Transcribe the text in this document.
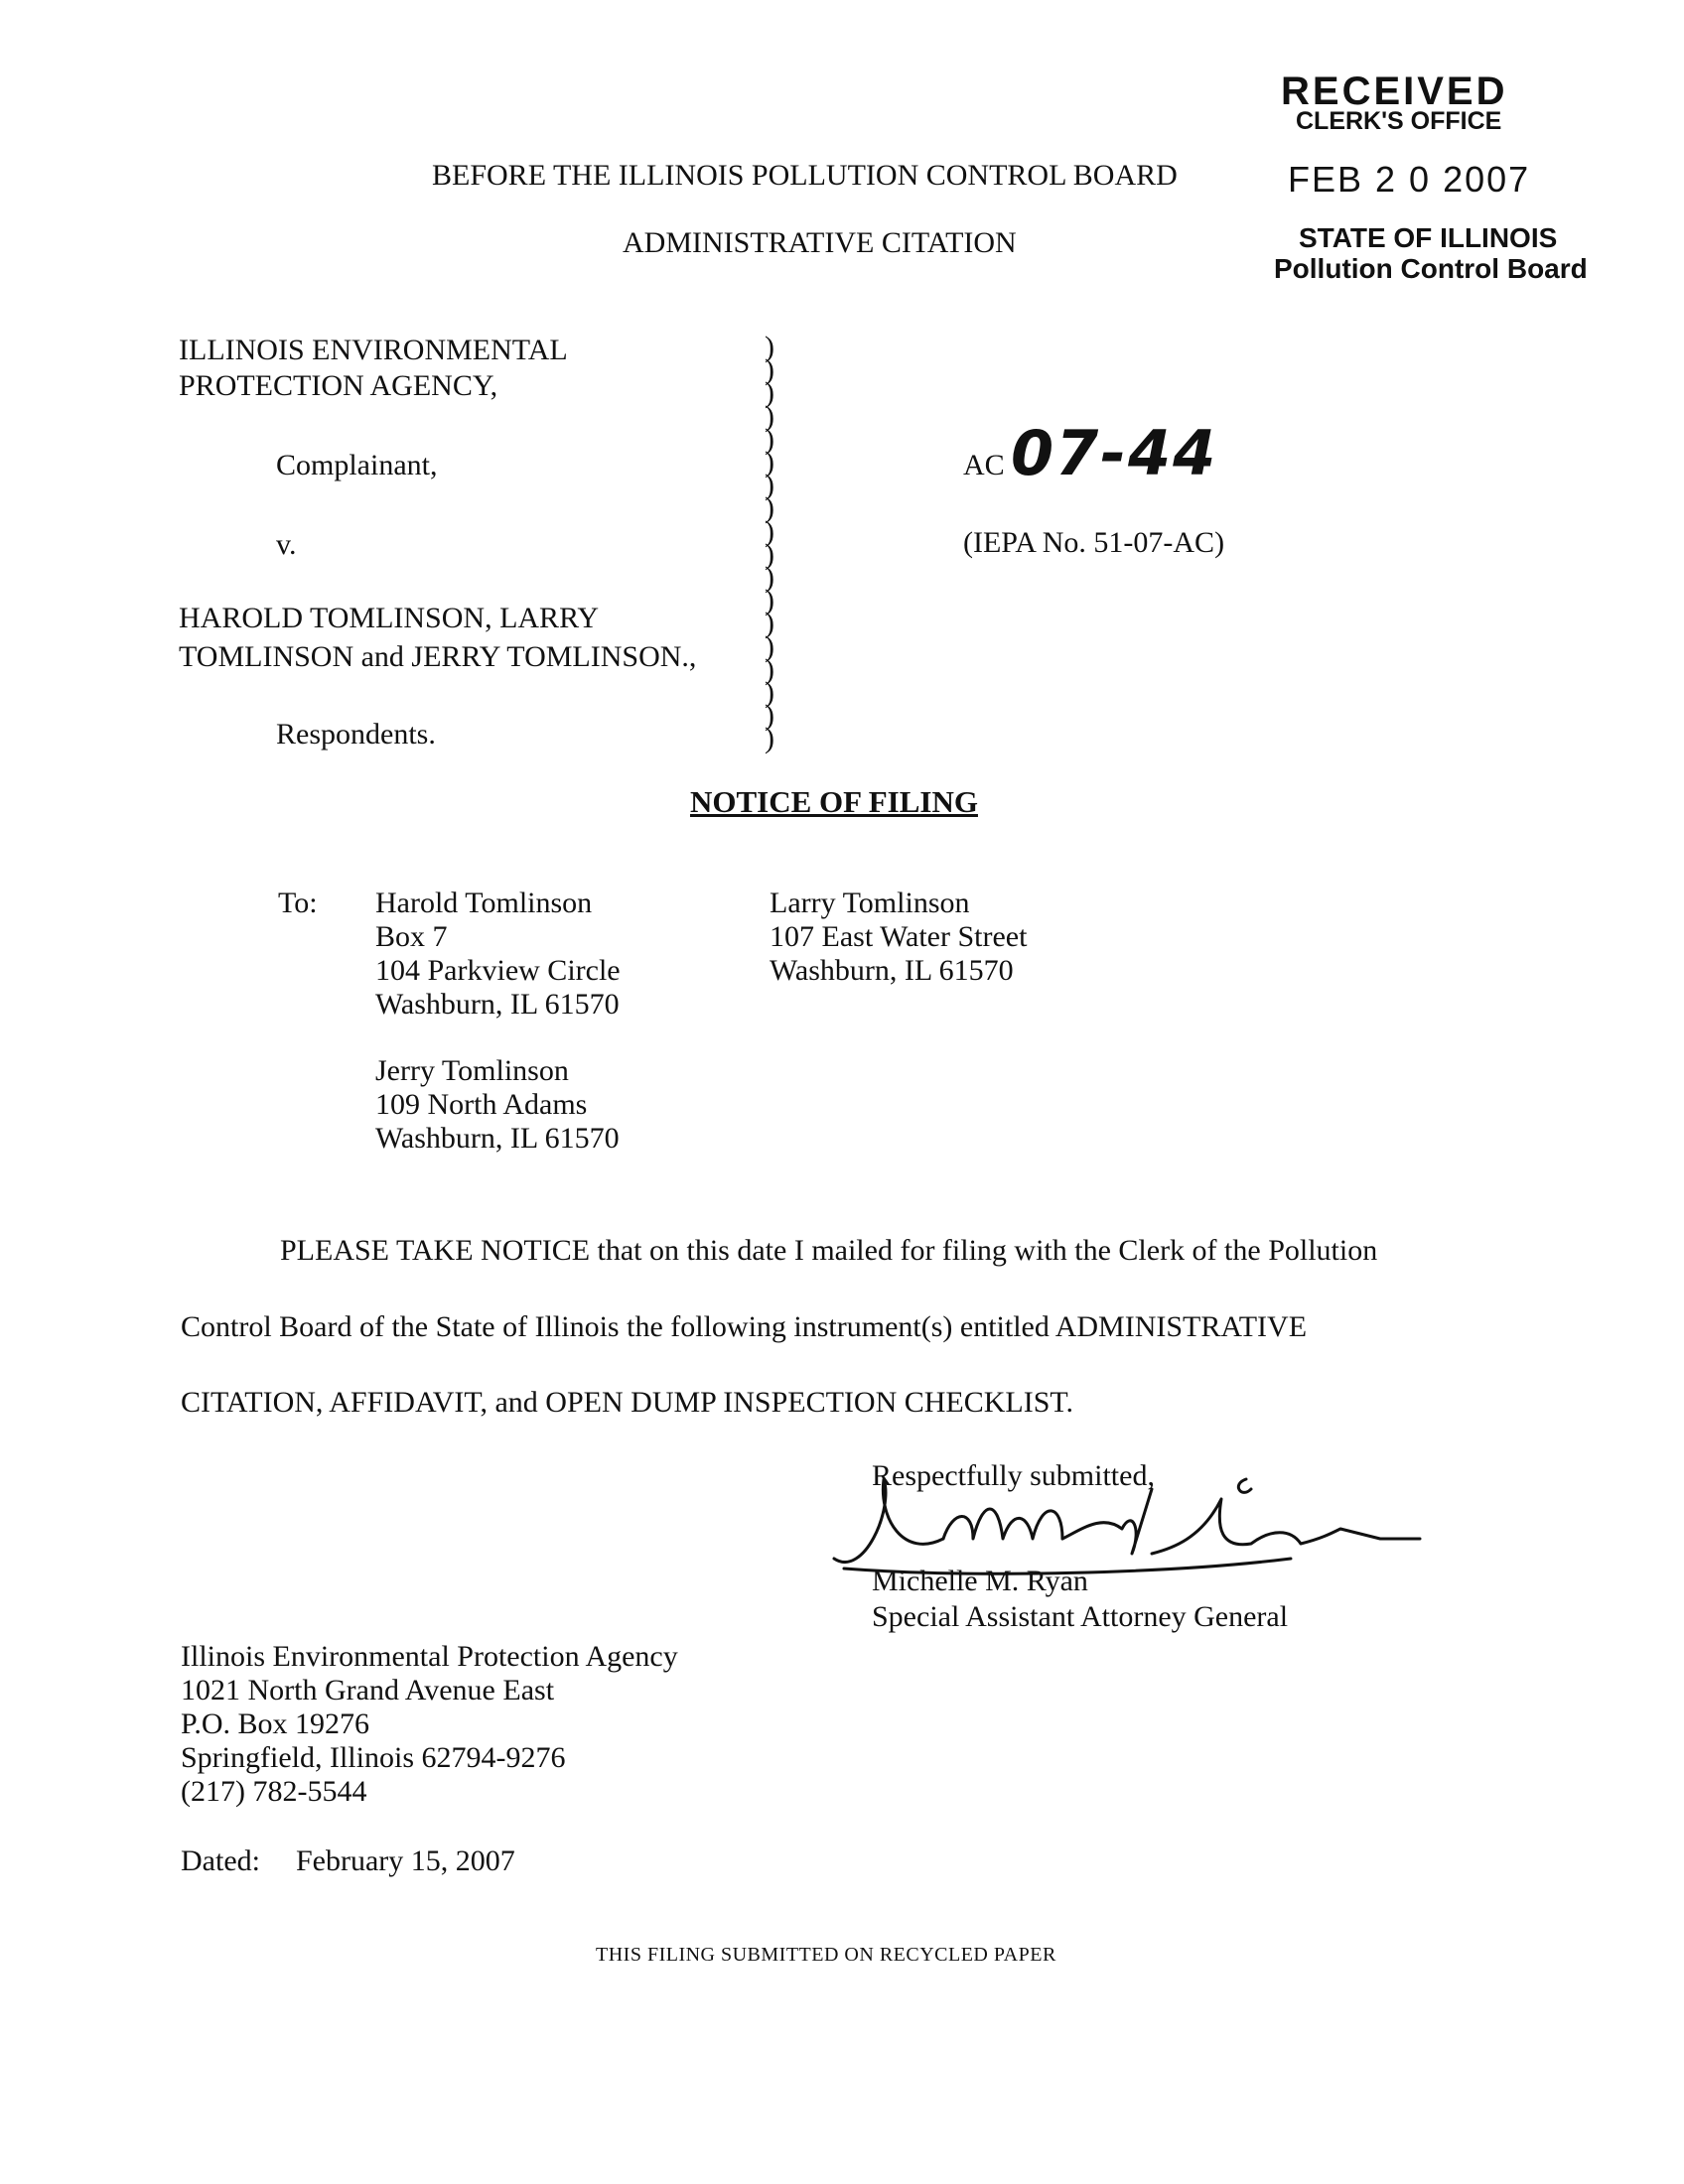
RECEIVED
CLERK'S OFFICE
FEB 2 0 2007
STATE OF ILLINOIS
Pollution Control Board
BEFORE THE ILLINOIS POLLUTION CONTROL BOARD
ADMINISTRATIVE CITATION
ILLINOIS ENVIRONMENTAL
PROTECTION AGENCY,
Complainant,
v.
HAROLD TOMLINSON, LARRY
TOMLINSON and JERRY TOMLINSON.,
Respondents.
)
)
)
)
)
)
)
)
)
)
)
)
)
)
)
)
)
)
AC 07-44
(IEPA No. 51-07-AC)
NOTICE OF FILING
To: Harold Tomlinson
Box 7
104 Parkview Circle
Washburn, IL 61570
Larry Tomlinson
107 East Water Street
Washburn, IL 61570
Jerry Tomlinson
109 North Adams
Washburn, IL 61570
PLEASE TAKE NOTICE that on this date I mailed for filing with the Clerk of the Pollution
Control Board of the State of Illinois the following instrument(s) entitled ADMINISTRATIVE
CITATION, AFFIDAVIT, and OPEN DUMP INSPECTION CHECKLIST.
Respectfully submitted,
Michelle M. Ryan
Special Assistant Attorney General
Illinois Environmental Protection Agency
1021 North Grand Avenue East
P.O. Box 19276
Springfield, Illinois 62794-9276
(217) 782-5544
Dated: February 15, 2007
THIS FILING SUBMITTED ON RECYCLED PAPER
